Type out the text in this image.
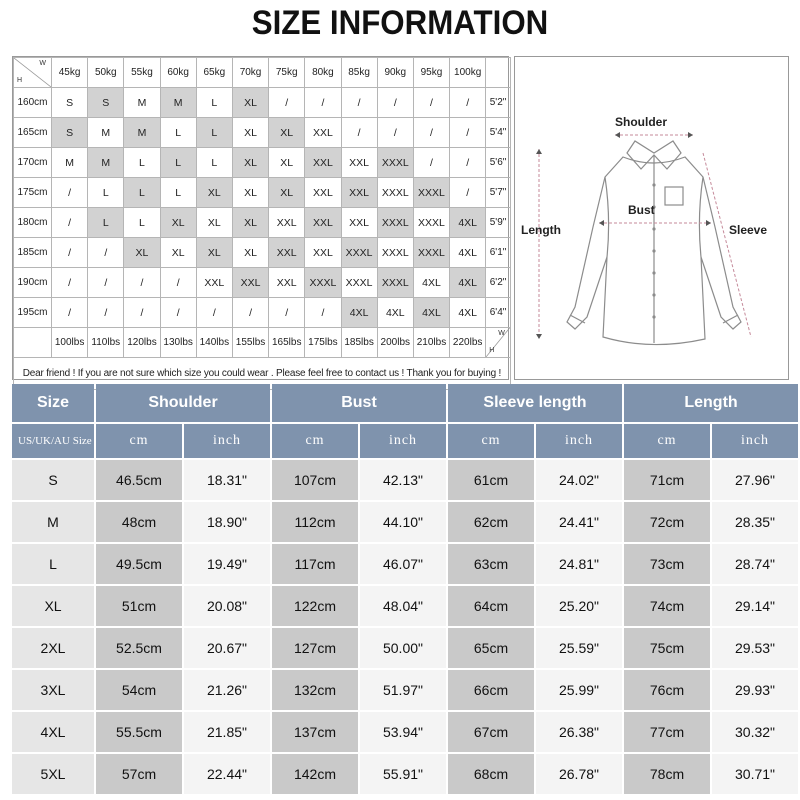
SIZE INFORMATION
H
W	45kg	50kg	55kg	60kg	65kg	70kg	75kg	80kg	85kg	90kg	95kg	100kg	
160cm	S	S	M	M	L	XL	/	/	/	/	/	/	5'2"
165cm	S	M	M	L	L	XL	XL	XXL	/	/	/	/	5'4"
170cm	M	M	L	L	L	XL	XL	XXL	XXL	XXXL	/	/	5'6"
175cm	/	L	L	L	XL	XL	XL	XXL	XXL	XXXL	XXXL	/	5'7"
180cm	/	L	L	XL	XL	XL	XXL	XXL	XXL	XXXL	XXXL	4XL	5'9"
185cm	/	/	XL	XL	XL	XL	XXL	XXL	XXXL	XXXL	XXXL	4XL	6'1"
190cm	/	/	/	/	XXL	XXL	XXL	XXXL	XXXL	XXXL	4XL	4XL	6'2"
195cm	/	/	/	/	/	/	/	/	4XL	4XL	4XL	4XL	6'4"
	100lbs	110lbs	120lbs	130lbs	140lbs	155lbs	165lbs	175lbs	185lbs	200lbs	210lbs	220lbs	H
W

Dear friend ! If you are not sure which size you could wear . Please feel free to contact us ! Thank you for buying !													
Shoulder
Bust
Length	Sleeve
Size	Shoulder		Bust		Sleeve length		Length	
US/UK/AU Size	cm	inch	cm	inch	cm	inch	cm	inch
S	46.5cm	18.31"	107cm	42.13"	61cm	24.02"	71cm	27.96"
M	48cm	18.90"	112cm	44.10"	62cm	24.41"	72cm	28.35"
L	49.5cm	19.49"	117cm	46.07"	63cm	24.81"	73cm	28.74"
XL	51cm	20.08"	122cm	48.04"	64cm	25.20"	74cm	29.14"
2XL	52.5cm	20.67"	127cm	50.00"	65cm	25.59"	75cm	29.53"
3XL	54cm	21.26"	132cm	51.97"	66cm	25.99"	76cm	29.93"
4XL	55.5cm	21.85"	137cm	53.94"	67cm	26.38"	77cm	30.32"
5XL	57cm	22.44"	142cm	55.91"	68cm	26.78"	78cm	30.71"
